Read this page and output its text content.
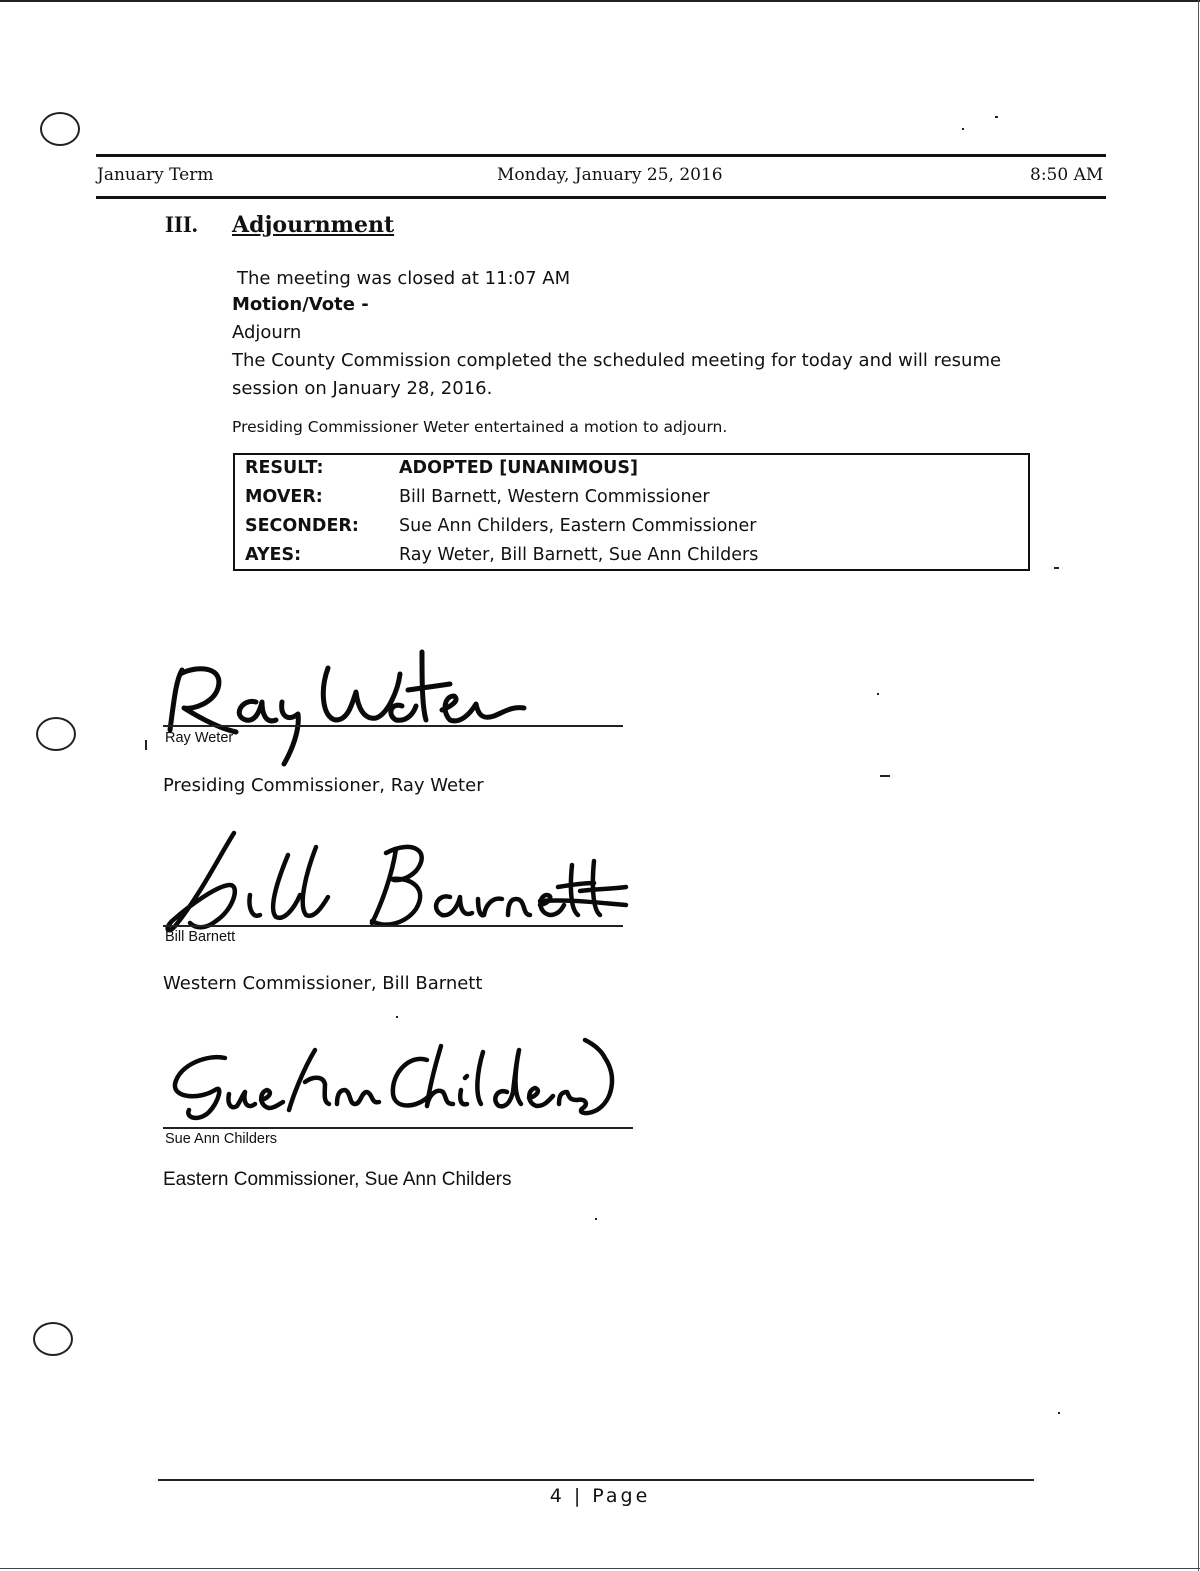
January Term	Monday, January 25, 2016	8:50 AM
III. Adjournment
The meeting was closed at 11:07 AM
Motion/Vote -
Adjourn
The County Commission completed the scheduled meeting for today and will resume
session on January 28, 2016.
Presiding Commissioner Weter entertained a motion to adjourn.
RESULT:	ADOPTED [UNANIMOUS]
MOVER:	Bill Barnett, Western Commissioner
SECONDER: Sue Ann Childers, Eastern Commissioner
AYES:	Ray Weter, Bill Barnett, Sue Ann Childers
Ray Weter
Presiding Commissioner, Ray Weter
Bill Barnett
Western Commissioner, Bill Barnett
Sue Ann Childers
Eastern Commissioner, Sue Ann Childers
4 | Page
